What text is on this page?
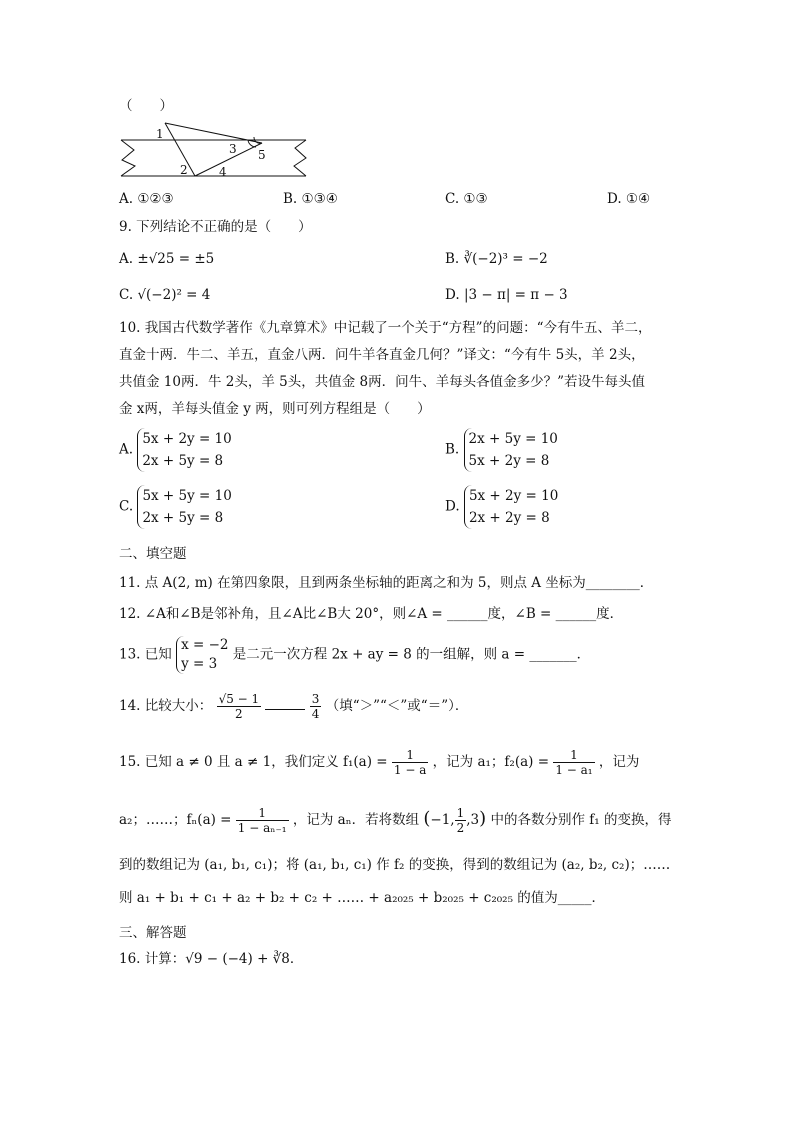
（　　）
1
2
3
4
5
A. ①②③	B. ①③④	C. ①③	D. ①④
9. 下列结论不正确的是（　　）
A. ±√25 = ±5	B. ∛(−2)³ = −2
C. √(−2)² = 4	D. |3 − π| = π − 3
10. 我国古代数学著作《九章算术》中记载了一个关于“方程”的问题：“今有牛五、羊二，
直金十两．牛二、羊五，直金八两．问牛羊各直金几何？”译文：“今有牛 5头，羊 2头，
共值金 10两．牛 2头，羊 5头，共值金 8两．问牛、羊每头各值金多少？”若设牛每头值
金 x两，羊每头值金 y 两，则可列方程组是（　　）
A.
5x + 2y = 10
2x + 5y = 8
B.
2x + 5y = 10
5x + 2y = 8
C.
5x + 5y = 10
2x + 5y = 8
D.
5x + 2y = 10
2x + 2y = 8
二、填空题
11. 点 A(2, m) 在第四象限，且到两条坐标轴的距离之和为 5，则点 A 坐标为________．
12. ∠A和∠B是邻补角，且∠A比∠B大 20°，则∠A = ______度，∠B = ______度．
13. 已知
x = −2
y = 3
是二元一次方程 2x + ay = 8 的一组解，则 a = _______．
14. 比较大小： $\frac{√5 - 1}{2}$
	$\frac{3}{4}$ （填“＞”“＜”或“＝”）．
15. 已知 a ≠ 0 且 a ≠ 1，我们定义 $f_1(a) = \frac{1}{1 - a}$ ，记为 a₁；$f_2(a) = \frac{1}{\text{1 − a₁}}$ ，记为
a₂；……；$f_n(a) = \frac{1}{\text{1 − aₙ₋₁}}$ ，记为 aₙ．若将数组 (−1, $\frac{1}{2} ,3$) 中的各数分别作 f₁ 的变换，得
到的数组记为 (a₁, b₁, c₁)；将 (a₁, b₁, c₁) 作 f₂ 的变换，得到的数组记为 (a₂, b₂, c₂)；……
则 a₁ + b₁ + c₁ + a₂ + b₂ + c₂ + …… + a₂₀₂₅ + b₂₀₂₅ + c₂₀₂₅ 的值为_____．
三、解答题
16. 计算：√9 − (−4) + ∛8．
